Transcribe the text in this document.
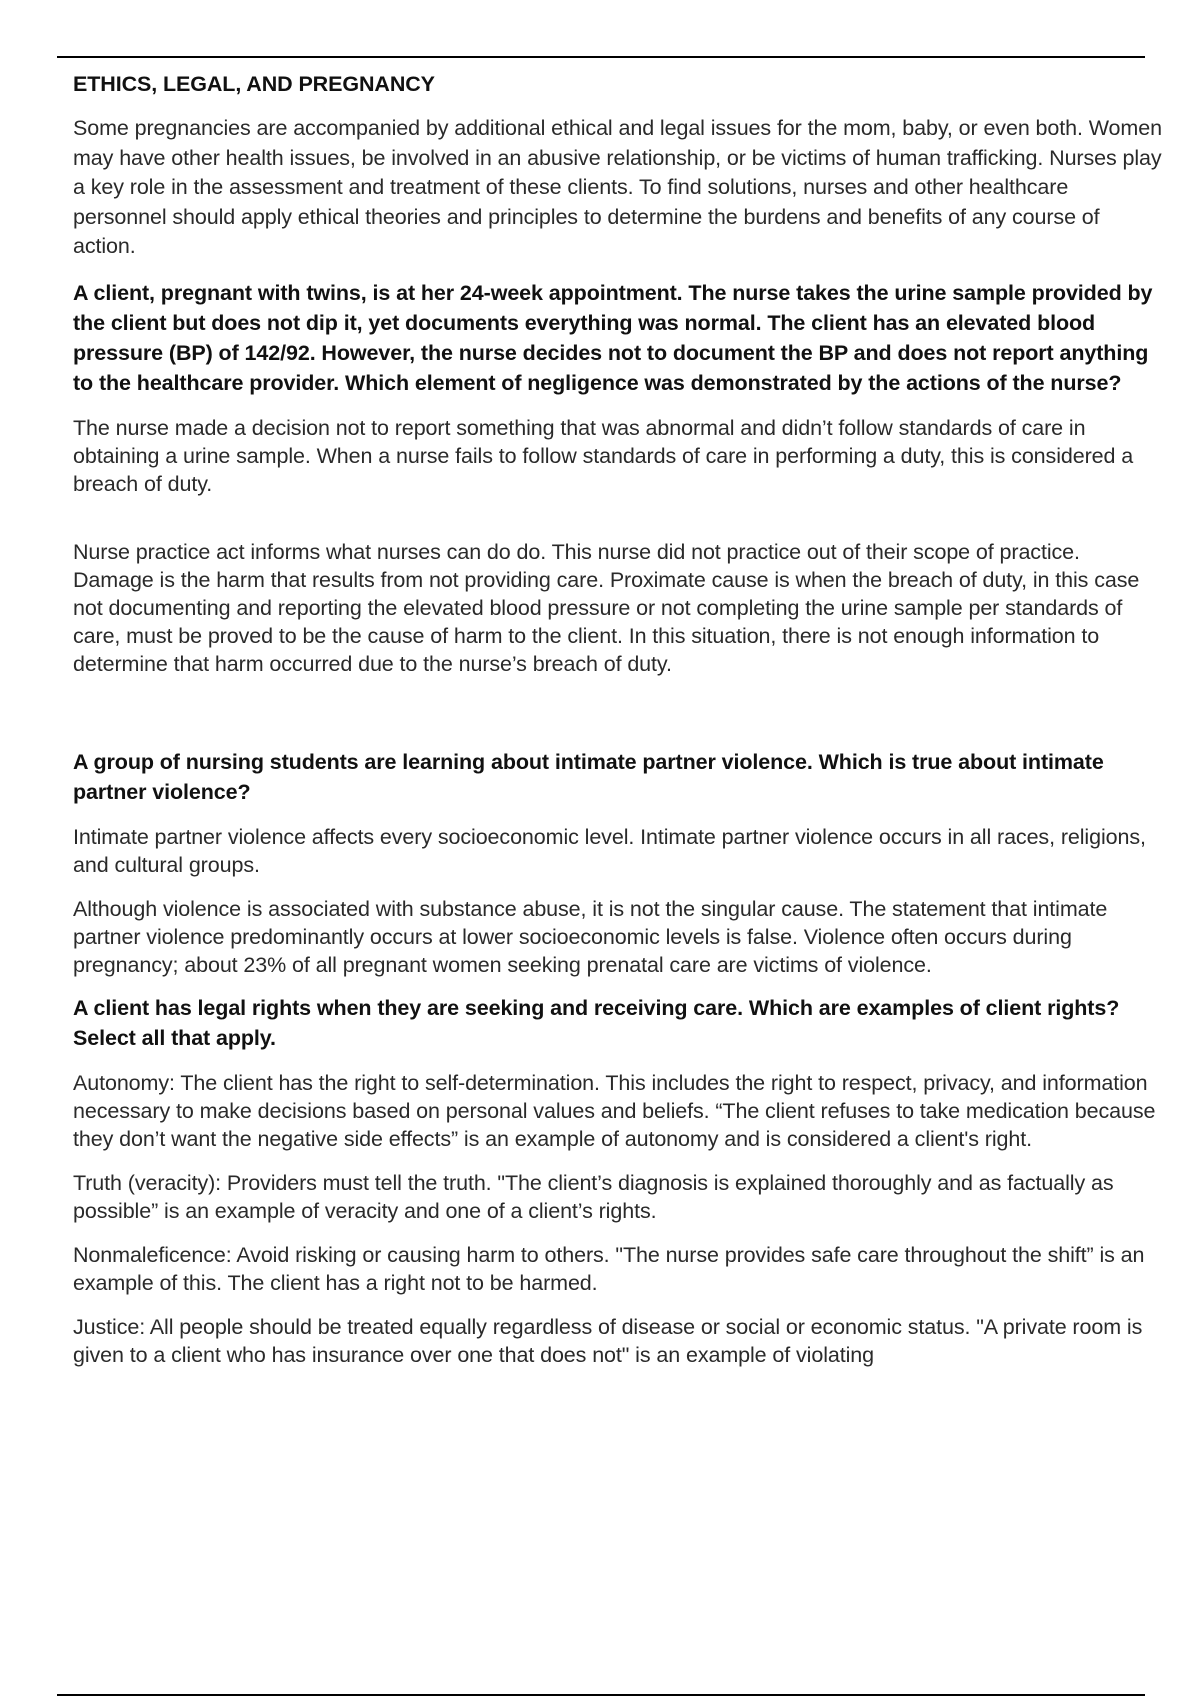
ETHICS, LEGAL, AND PREGNANCY

Some pregnancies are accompanied by additional ethical and legal issues for the mom, baby, or even both. Women may have other health issues, be involved in an abusive relationship, or be victims of human trafficking. Nurses play a key role in the assessment and treatment of these clients. To find solutions, nurses and other healthcare personnel should apply ethical theories and principles to determine the burdens and benefits of any course of action.

A client, pregnant with twins, is at her 24-week appointment. The nurse takes the urine sample provided by the client but does not dip it, yet documents everything was normal. The client has an elevated blood pressure (BP) of 142/92. However, the nurse decides not to document the BP and does not report anything to the healthcare provider. Which element of negligence was demonstrated by the actions of the nurse?

The nurse made a decision not to report something that was abnormal and didn’t follow standards of care in obtaining a urine sample. When a nurse fails to follow standards of care in performing a duty, this is considered a breach of duty.

Nurse practice act informs what nurses can do do. This nurse did not practice out of their scope of practice. Damage is the harm that results from not providing care. Proximate cause is when the breach of duty, in this case not documenting and reporting the elevated blood pressure or not completing the urine sample per standards of care, must be proved to be the cause of harm to the client. In this situation, there is not enough information to determine that harm occurred due to the nurse’s breach of duty.

A group of nursing students are learning about intimate partner violence. Which is true about intimate partner violence?

Intimate partner violence affects every socioeconomic level. Intimate partner violence occurs in all races, religions, and cultural groups.

Although violence is associated with substance abuse, it is not the singular cause. The statement that intimate partner violence predominantly occurs at lower socioeconomic levels is false. Violence often occurs during pregnancy; about 23% of all pregnant women seeking prenatal care are victims of violence.

A client has legal rights when they are seeking and receiving care. Which are examples of client rights? Select all that apply.

Autonomy: The client has the right to self-determination. This includes the right to respect, privacy, and information necessary to make decisions based on personal values and beliefs. “The client refuses to take medication because they don’t want the negative side effects” is an example of autonomy and is considered a client's right.

Truth (veracity): Providers must tell the truth. "The client’s diagnosis is explained thoroughly and as factually as possible” is an example of veracity and one of a client’s rights.

Nonmaleficence: Avoid risking or causing harm to others. "The nurse provides safe care throughout the shift” is an example of this. The client has a right not to be harmed.

Justice: All people should be treated equally regardless of disease or social or economic status. "A private room is given to a client who has insurance over one that does not" is an example of violating
